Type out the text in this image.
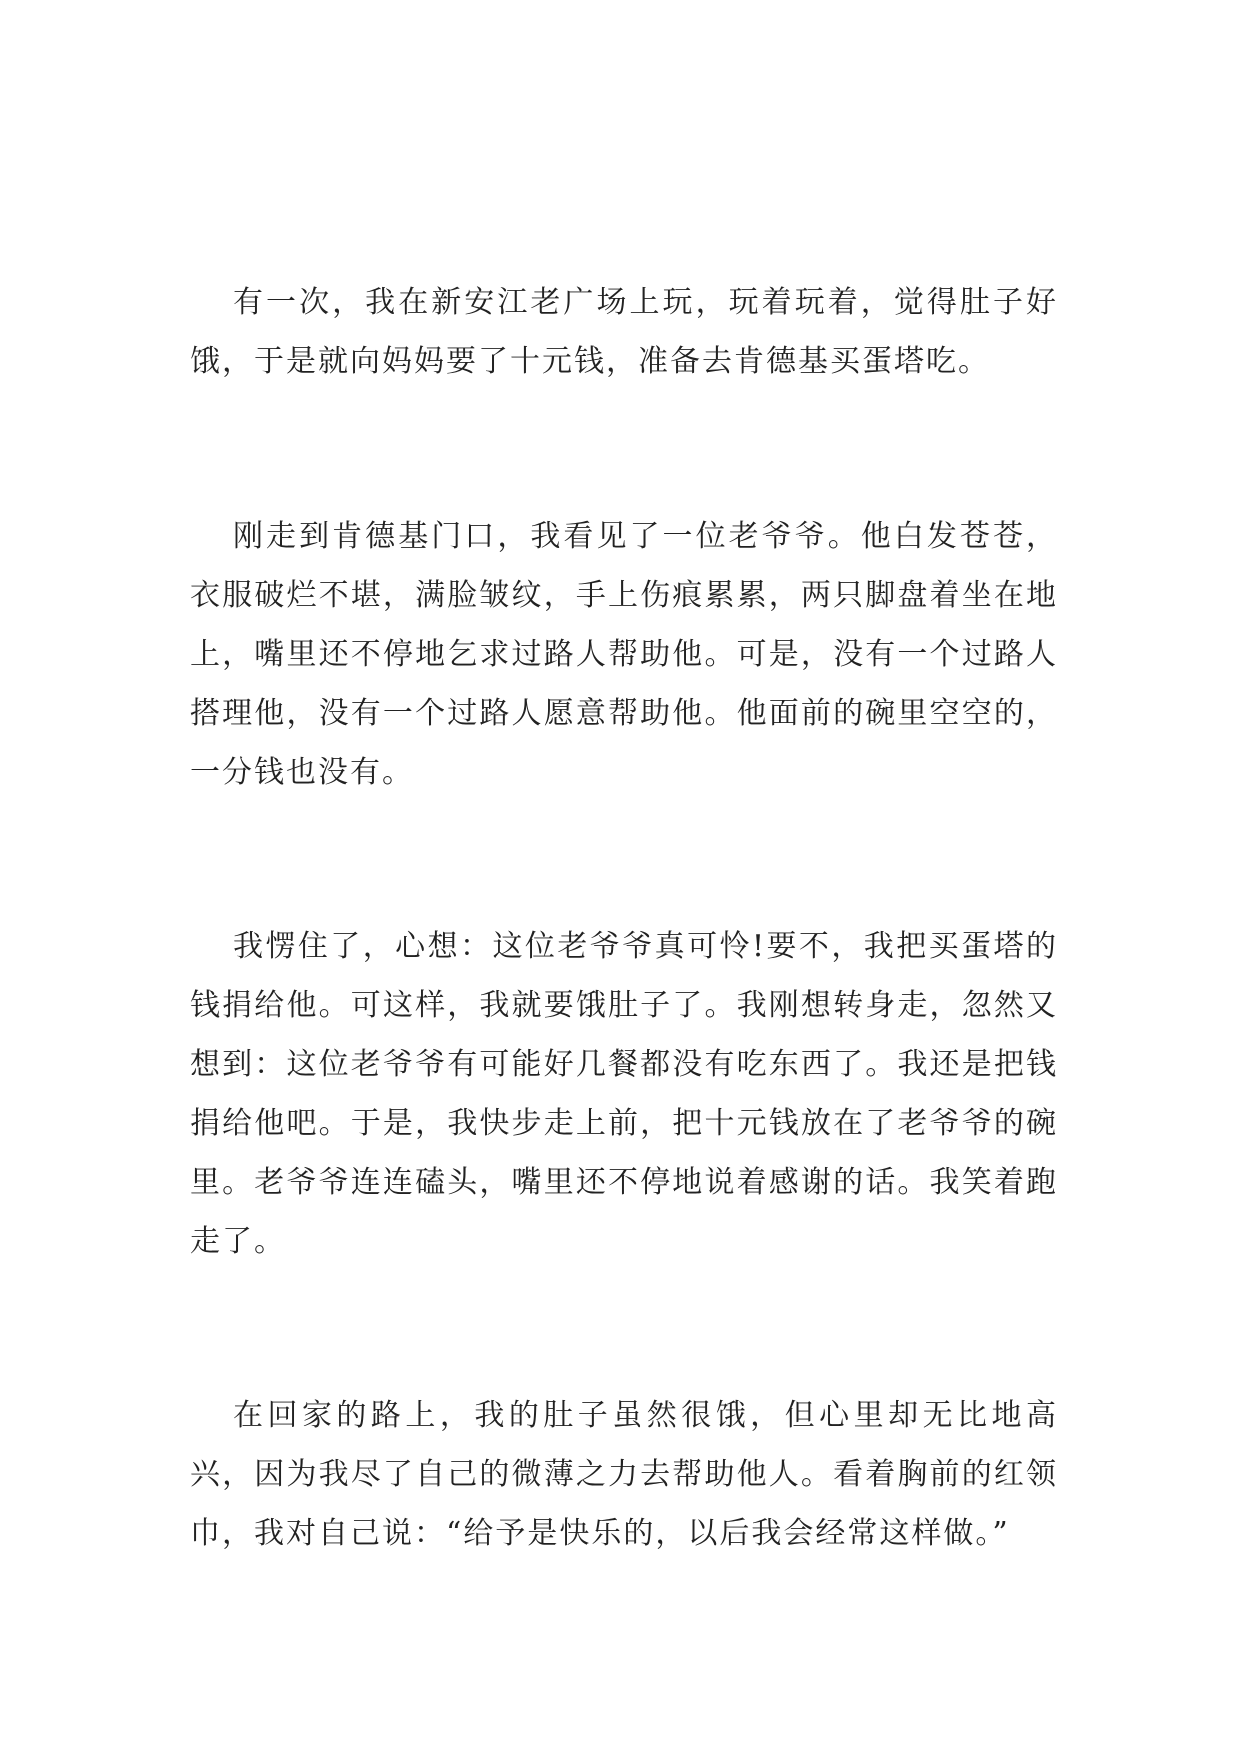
有一次，我在新安江老广场上玩，玩着玩着，觉得肚子好饿，于是就向妈妈要了十元钱，准备去肯德基买蛋塔吃。

刚走到肯德基门口，我看见了一位老爷爷。他白发苍苍，衣服破烂不堪，满脸皱纹，手上伤痕累累，两只脚盘着坐在地上，嘴里还不停地乞求过路人帮助他。可是，没有一个过路人搭理他，没有一个过路人愿意帮助他。他面前的碗里空空的，一分钱也没有。

我愣住了，心想：这位老爷爷真可怜!要不，我把买蛋塔的钱捐给他。可这样，我就要饿肚子了。我刚想转身走，忽然又想到：这位老爷爷有可能好几餐都没有吃东西了。我还是把钱捐给他吧。于是，我快步走上前，把十元钱放在了老爷爷的碗里。老爷爷连连磕头，嘴里还不停地说着感谢的话。我笑着跑走了。

在回家的路上，我的肚子虽然很饿，但心里却无比地高兴，因为我尽了自己的微薄之力去帮助他人。看着胸前的红领巾，我对自己说：“给予是快乐的，以后我会经常这样做。”
